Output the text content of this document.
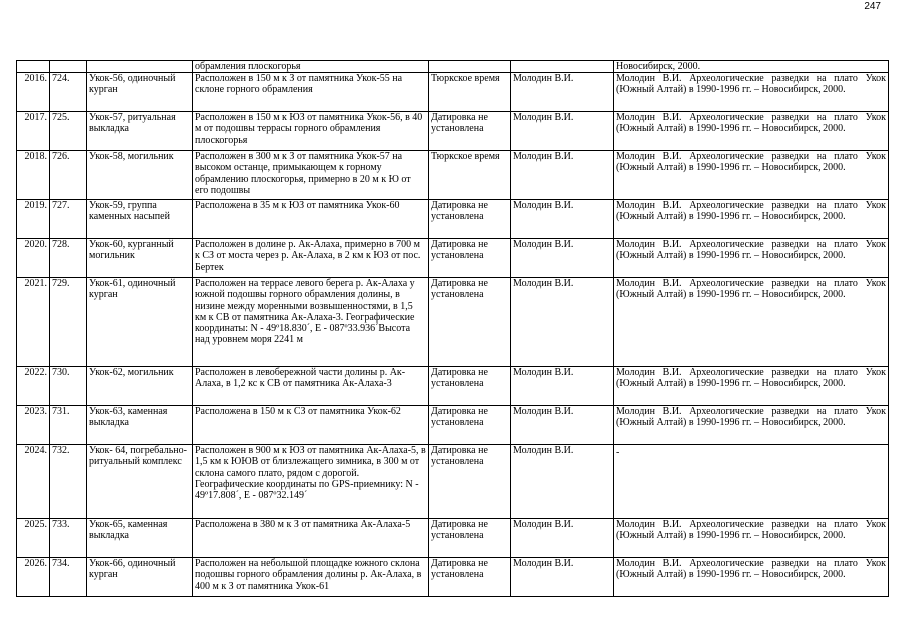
247
			обрамления плоскогорья			Новосибирск, 2000.
2016.	724.	Укок-56, одиночный курган	Расположен в 150 м к З от памятника Укок-55 на склоне горного обрамления	Тюркское время	Молодин В.И.	Молодин В.И. Археологические разведки на плато Укок (Южный Алтай) в 1990-1996 гг. – Новосибирск, 2000.
2017.	725.	Укок-57, ритуальная выкладка	Расположен в 150 м к ЮЗ от памятника Укок-56, в 40 м от подошвы террасы горного обрамления плоскогорья	Датировка не установлена	Молодин В.И.	Молодин В.И. Археологические разведки на плато Укок (Южный Алтай) в 1990-1996 гг. – Новосибирск, 2000.
2018.	726.	Укок-58, могильник	Расположен в 300 м к З от памятника Укок-57 на высоком останце, примыкающем к горному обрамлению плоскогорья, примерно в 20 м к Ю от его подошвы	Тюркское время	Молодин В.И.	Молодин В.И. Археологические разведки на плато Укок (Южный Алтай) в 1990-1996 гг. – Новосибирск, 2000.
2019.	727.	Укок-59, группа каменных насыпей	Расположена в 35 м к ЮЗ от памятника Укок-60	Датировка не установлена	Молодин В.И.	Молодин В.И. Археологические разведки на плато Укок (Южный Алтай) в 1990-1996 гг. – Новосибирск, 2000.
2020.	728.	Укок-60, курганный могильник	Расположен в долине р. Ак-Алаха, примерно в 700 м к СЗ от моста через р. Ак-Алаха, в 2 км к ЮЗ от пос. Бертек	Датировка не установлена	Молодин В.И.	Молодин В.И. Археологические разведки на плато Укок (Южный Алтай) в 1990-1996 гг. – Новосибирск, 2000.
2021.	729.	Укок-61, одиночный курган	Расположен на террасе левого берега р. Ак-Алаха у южной подошвы горного обрамления долины, в низине между моренными возвышенностями, в 1,5 км к СВ от памятника Ак-Алаха-3. Географические координаты: N - 49º18.830´, E - 087º33.936´Высота над уровнем моря 2241 м	Датировка не установлена	Молодин В.И.	Молодин В.И. Археологические разведки на плато Укок (Южный Алтай) в 1990-1996 гг. – Новосибирск, 2000.
2022.	730.	Укок-62, могильник	Расположен в левобережной части долины р. Ак-Алаха, в 1,2 кс к СВ от памятника Ак-Алаха-3	Датировка не установлена	Молодин В.И.	Молодин В.И. Археологические разведки на плато Укок (Южный Алтай) в 1990-1996 гг. – Новосибирск, 2000.
2023.	731.	Укок-63, каменная выкладка	Расположена в 150 м к СЗ от памятника Укок-62	Датировка не установлена	Молодин В.И.	Молодин В.И. Археологические разведки на плато Укок (Южный Алтай) в 1990-1996 гг. – Новосибирск, 2000.
2024.	732.	Укок- 64, погребально-ритуальный комплекс	Расположен в 900 м к ЮЗ от памятника Ак-Алаха-5, в 1,5 км к ЮЮВ от близлежащего зимника, в 300 м от склона самого плато, рядом с дорогой. Географические координаты по GPS-приемнику: N - 49º17.808´, E - 087º32.149´	Датировка не установлена	Молодин В.И.	-
2025.	733.	Укок-65, каменная выкладка	Расположена в 380 м к З от памятника Ак-Алаха-5	Датировка не установлена	Молодин В.И.	Молодин В.И. Археологические разведки на плато Укок (Южный Алтай) в 1990-1996 гг. – Новосибирск, 2000.
2026.	734.	Укок-66, одиночный курган	Расположен на небольшой площадке южного склона подошвы горного обрамления долины р. Ак-Алаха, в 400 м к З от памятника Укок-61	Датировка не установлена	Молодин В.И.	Молодин В.И. Археологические разведки на плато Укок (Южный Алтай) в 1990-1996 гг. – Новосибирск, 2000.
